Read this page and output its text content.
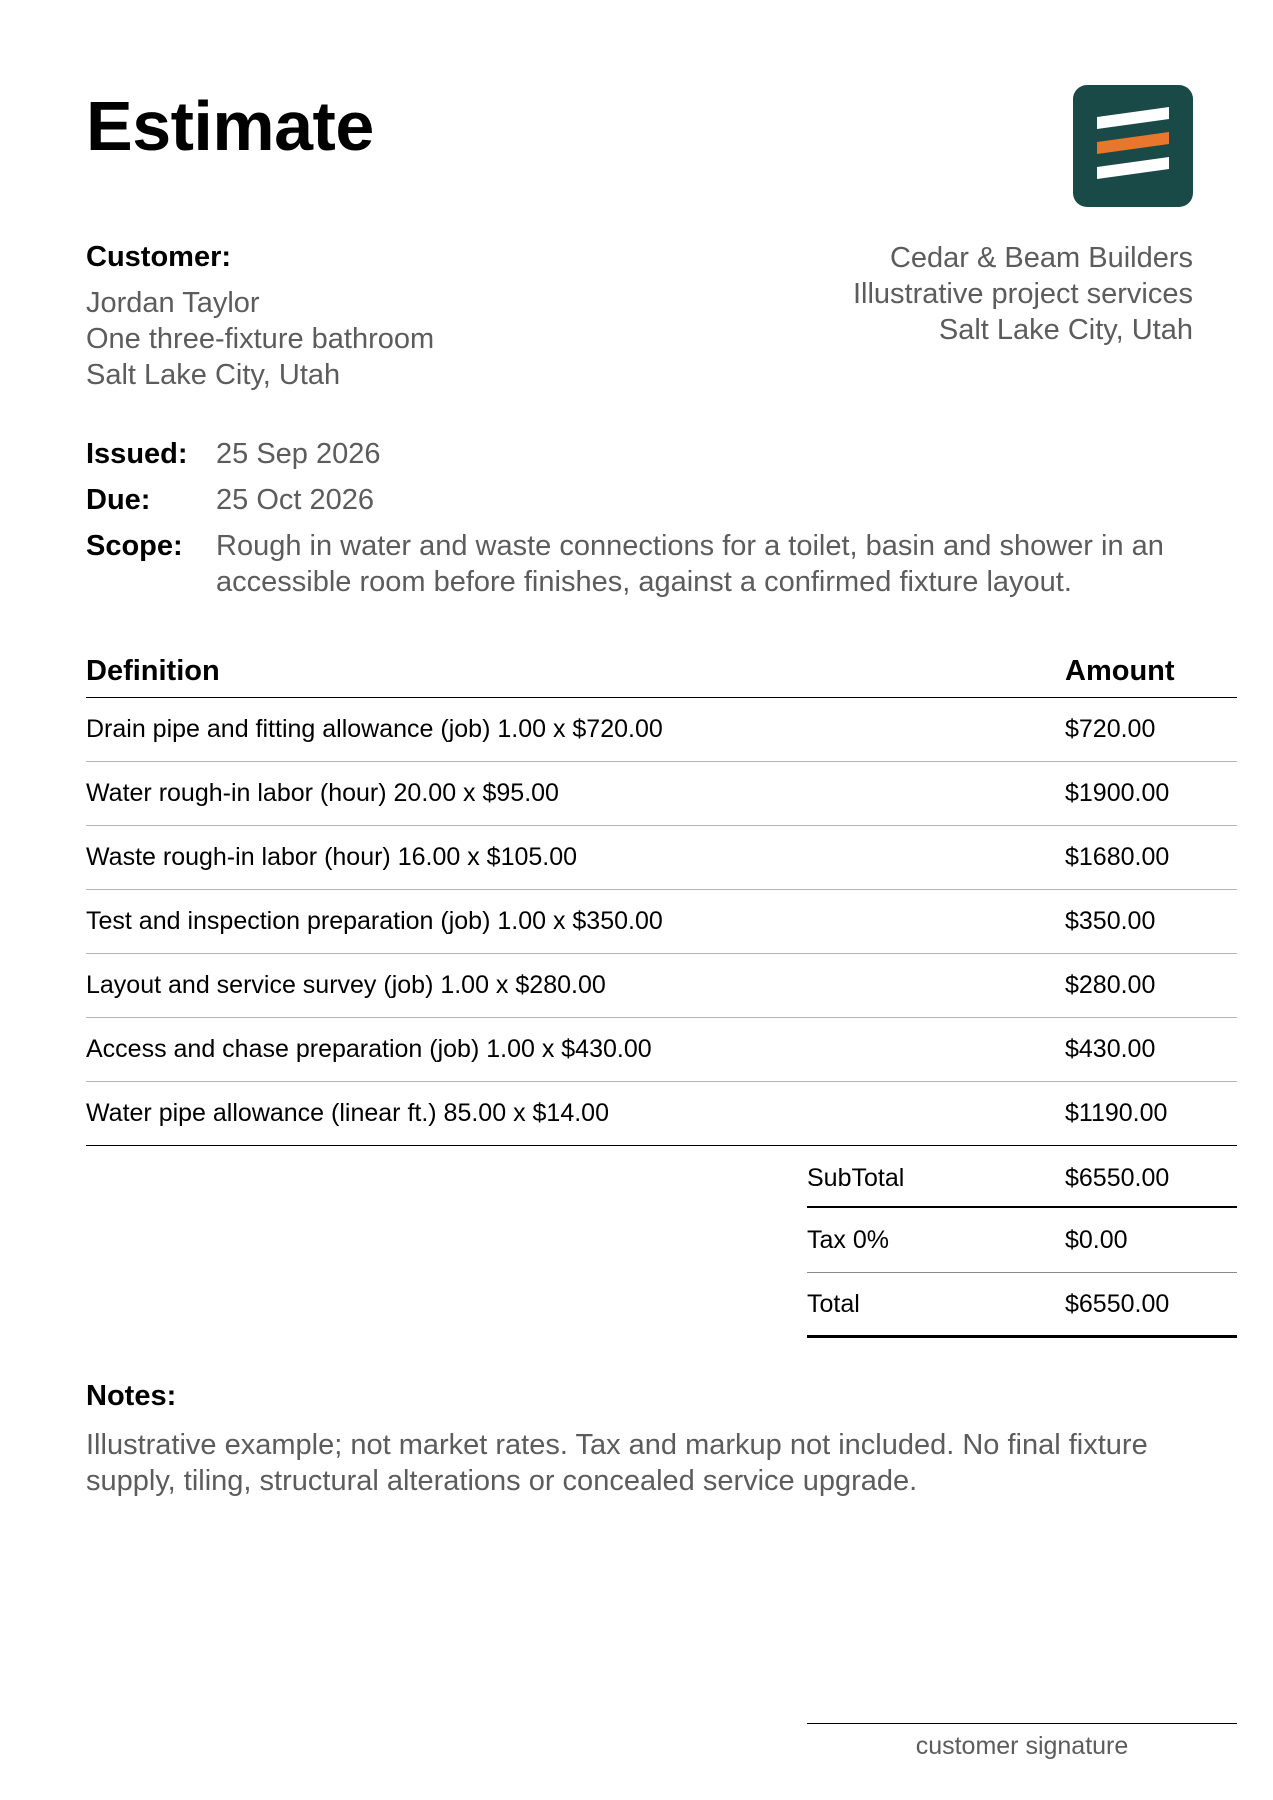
Estimate
Customer:
Jordan Taylor
One three-fixture bathroom
Salt Lake City, Utah
Cedar & Beam Builders
Illustrative project services
Salt Lake City, Utah
Issued: 25 Sep 2026
Due:	25 Oct 2026
Scope:	Rough in water and waste connections for a toilet, basin and shower in an accessible room before finishes, against a confirmed fixture layout.
Definition	Amount
Drain pipe and fitting allowance (job) 1.00 x $720.00	$720.00
Water rough-in labor (hour) 20.00 x $95.00	$1900.00
Waste rough-in labor (hour) 16.00 x $105.00	$1680.00
Test and inspection preparation (job) 1.00 x $350.00	$350.00
Layout and service survey (job) 1.00 x $280.00	$280.00
Access and chase preparation (job) 1.00 x $430.00	$430.00
Water pipe allowance (linear ft.) 85.00 x $14.00	$1190.00
SubTotal	$6550.00
Tax 0%	$0.00
Total	$6550.00
Notes:
Illustrative example; not market rates. Tax and markup not included. No final fixture supply, tiling, structural alterations or concealed service upgrade.
customer signature
